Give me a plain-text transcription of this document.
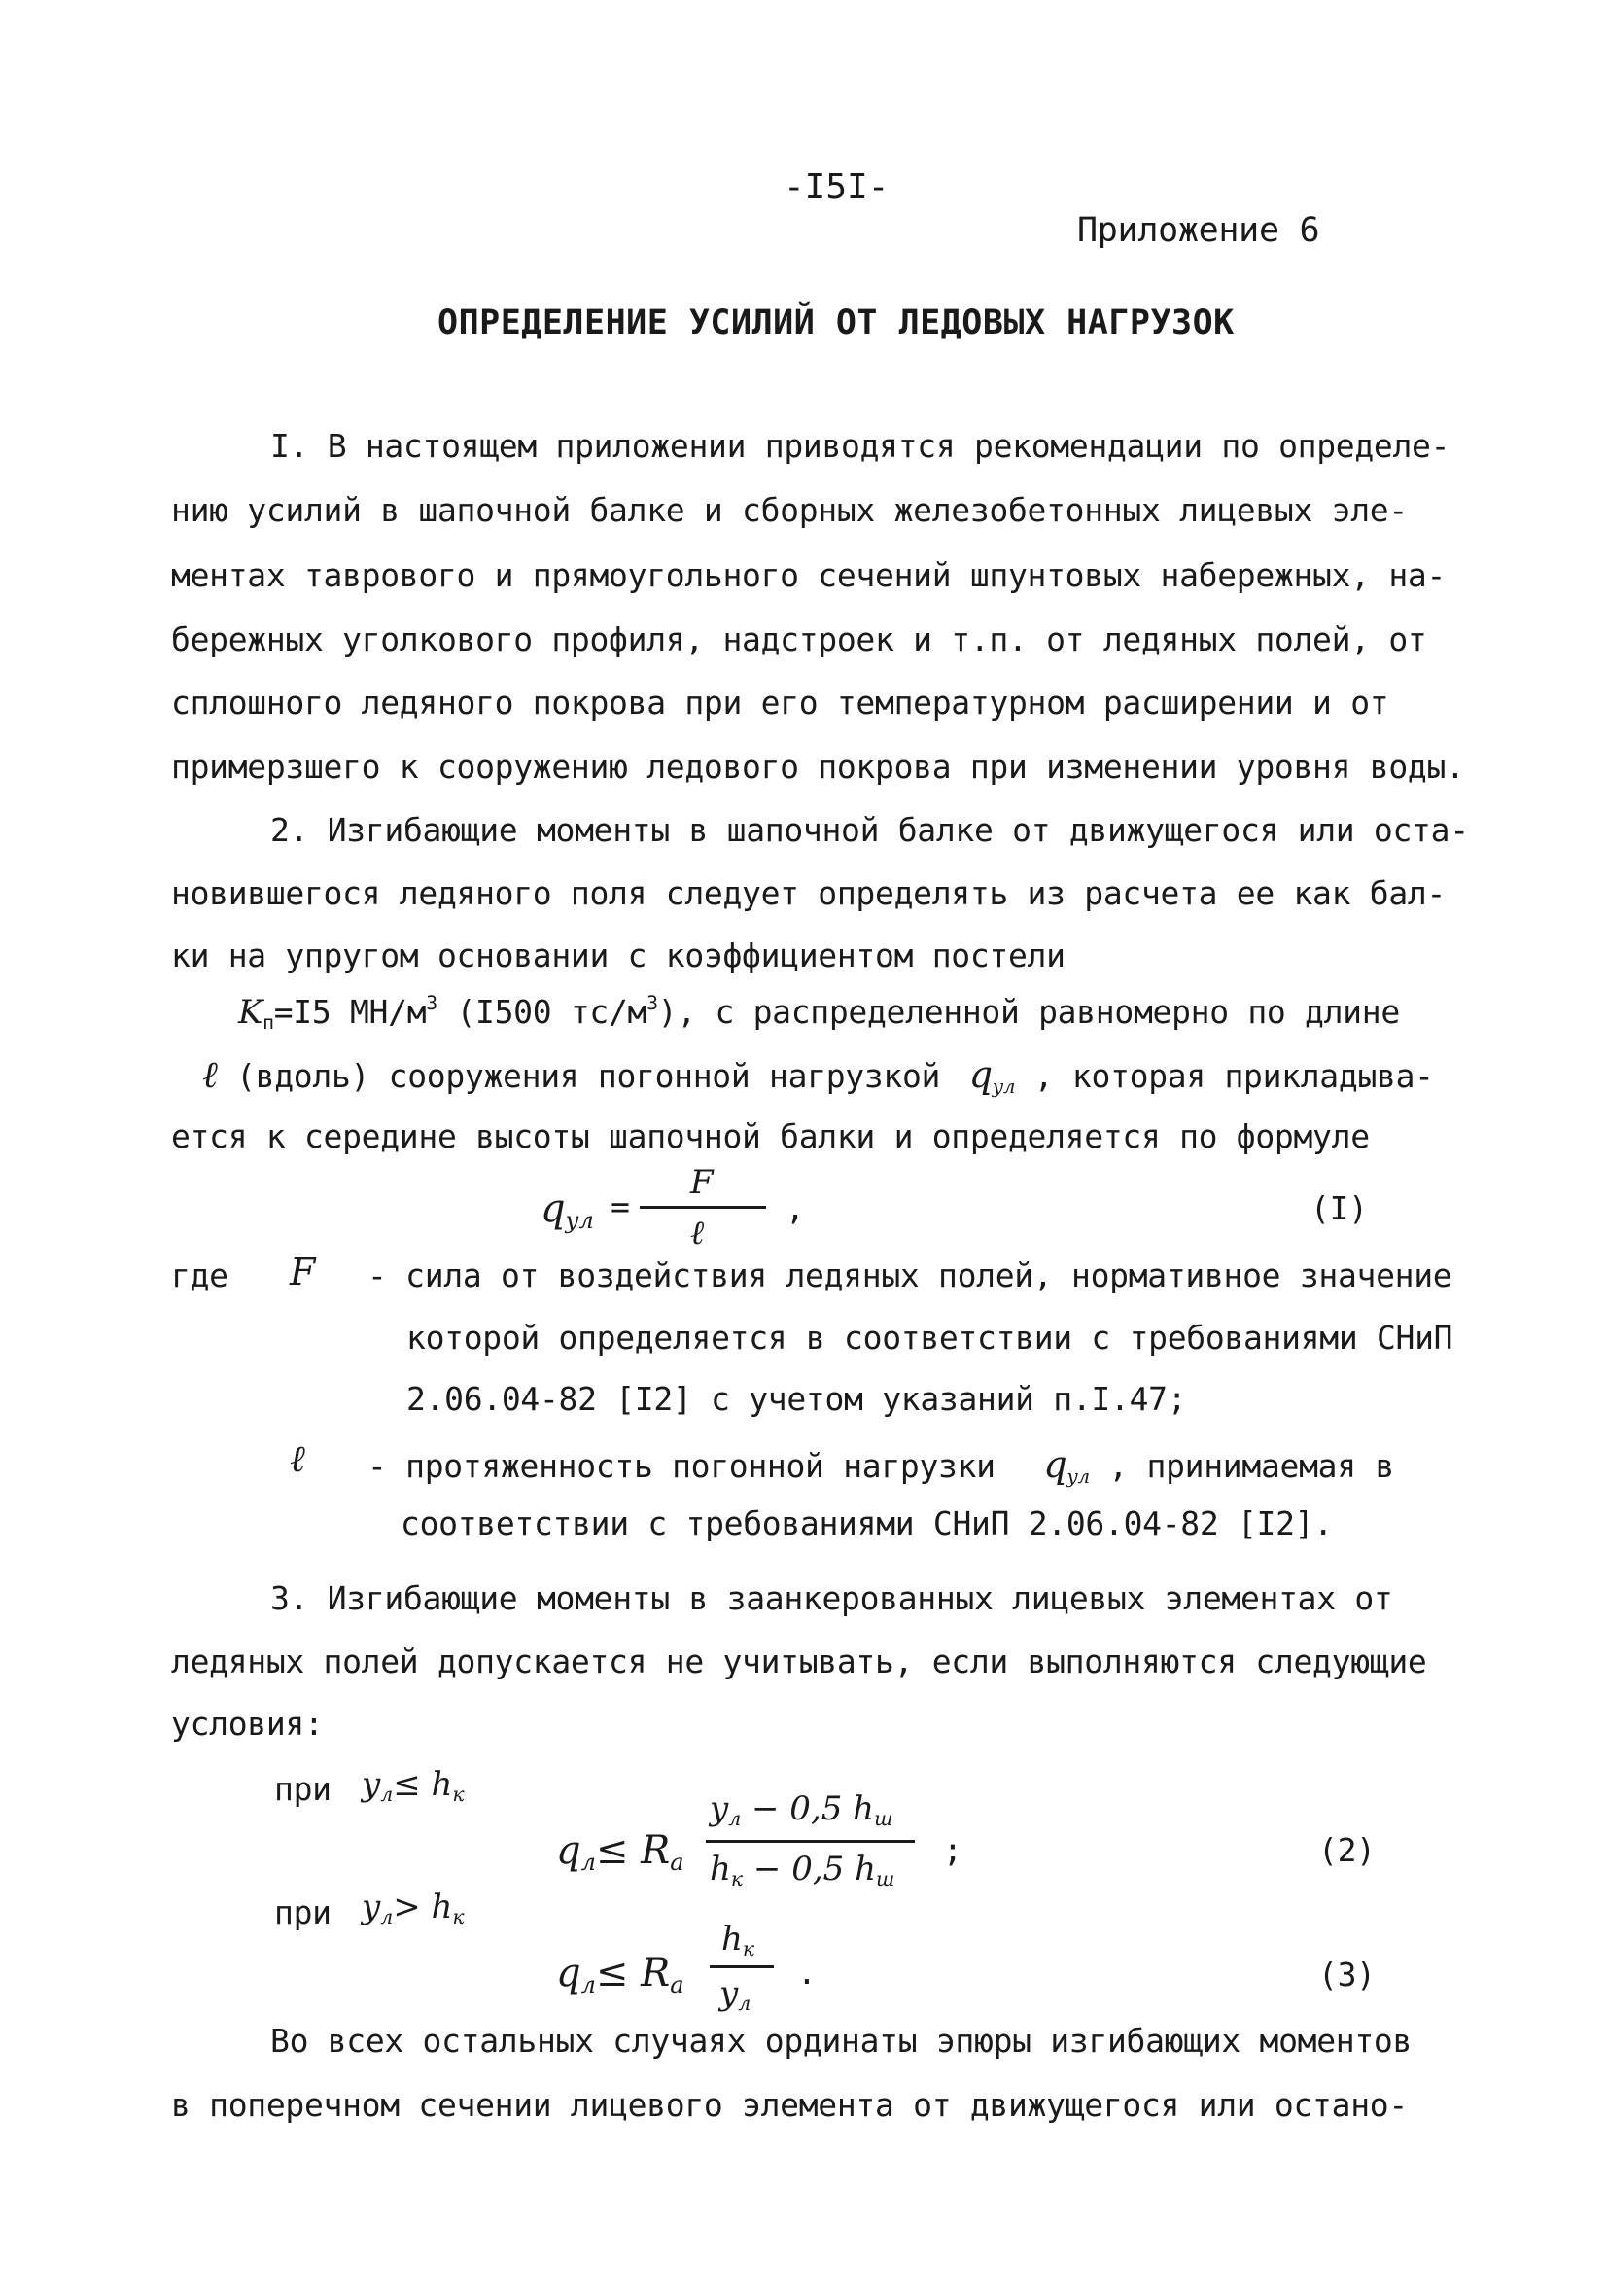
-I5I-
Приложение 6
ОПРЕДЕЛЕНИЕ УСИЛИЙ ОТ ЛЕДОВЫХ НАГРУЗОК
I. В настоящем приложении приводятся рекомендации по определе-
нию усилий в шапочной балке и сборных железобетонных лицевых эле-
ментах таврового и прямоугольного сечений шпунтовых набережных, на-
бережных уголкового профиля, надстроек и т.п. от ледяных полей, от
сплошного ледяного покрова при его температурном расширении и от
примерзшего к сооружению ледового покрова при изменении уровня воды.
2. Изгибающие моменты в шапочной балке от движущегося или оста-
новившегося ледяного поля следует определять из расчета ее как бал-
ки на упругом основании с коэффициентом постели
$K_п=I5$ $МН/м^3$ (I500 $тс/м^3$), с распределенной равномерно по длине
ℓ (вдоль) сооружения погонной нагрузкой $q_{ул}$ , которая прикладыва-
ется к середине высоты шапочной балки и определяется по формуле
$q_{ул}$ =
F
ℓ
,	(I)
где F - сила от воздействия ледяных полей, нормативное значение
которой определяется в соответствии с требованиями СНиП
2.06.04-82 [I2] с учетом указаний п.I.47;
ℓ - протяженность погонной нагрузки $q_{ул}$ , принимаемая в
соответствии с требованиями СНиП 2.06.04-82 [I2].
3. Изгибающие моменты в заанкерованных лицевых элементах от
ледяных полей допускается не учитывать, если выполняются следующие
условия:
при $y_л\le h_к$
$q_л\le R_a$
$y_л - 0,5$ $h_ш$
$h_к - 0,5$ $h_ш$
;	(2)
при $y_л> h_к$
$q_л\le R_a$
$h_к$
$y_л$
.	(3)
Во всех остальных случаях ординаты эпюры изгибающих моментов
в поперечном сечении лицевого элемента от движущегося или остано-
